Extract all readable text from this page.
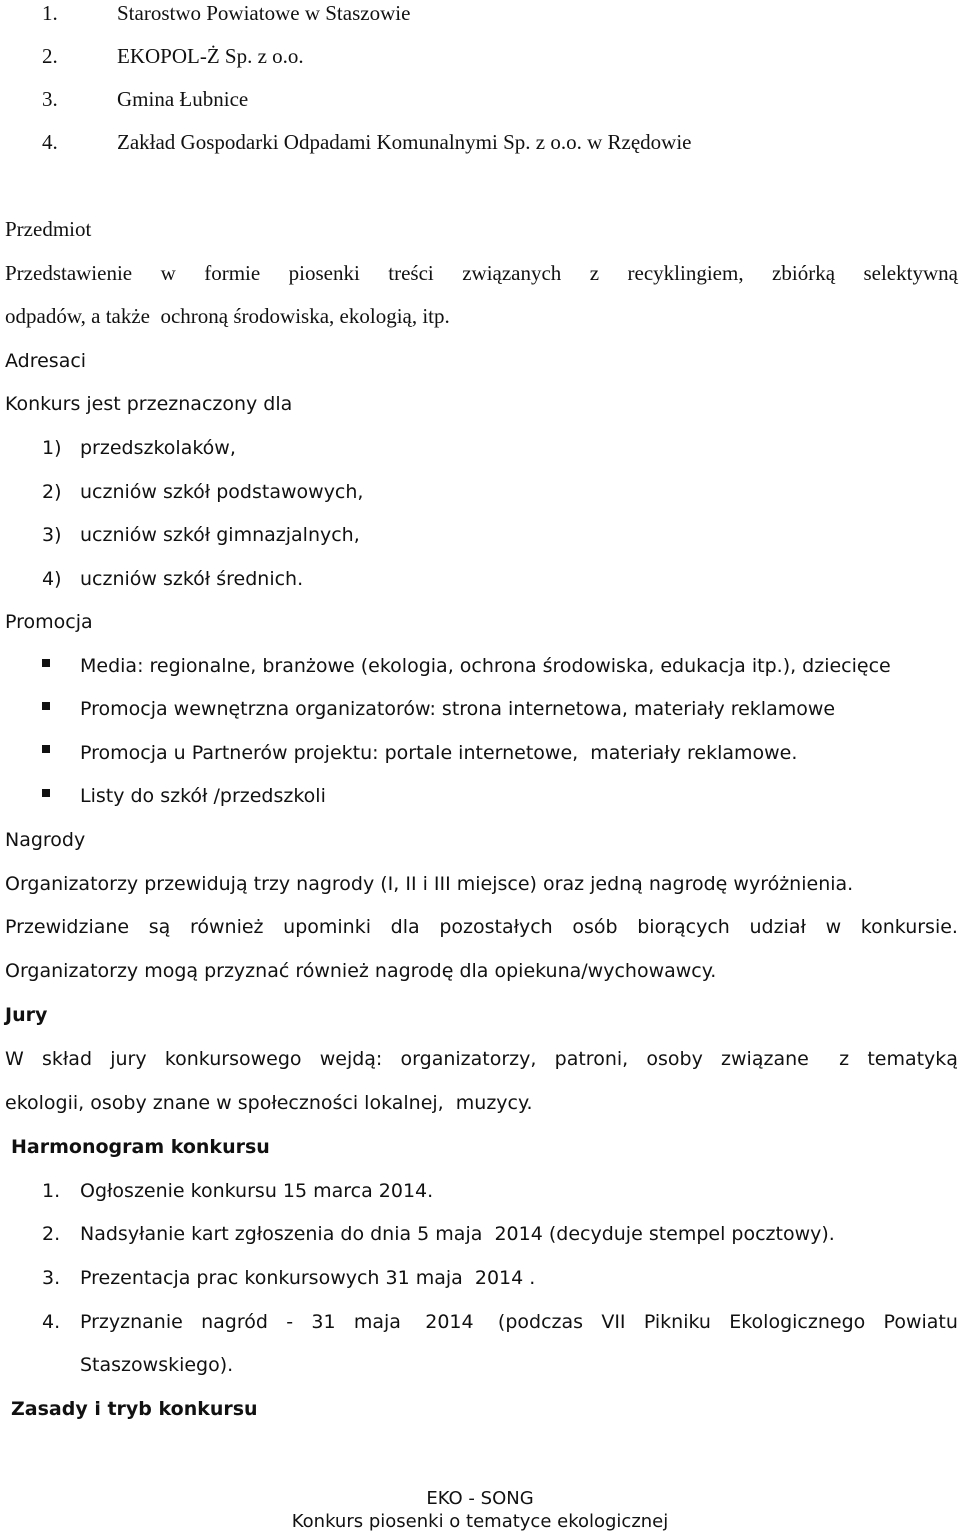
1.	Starostwo Powiatowe w Staszowie
2.	EKOPOL-Ż Sp. z o.o.
3.	Gmina Łubnice
4.	Zakład Gospodarki Odpadami Komunalnymi Sp. z o.o. w Rzędowie
Przedmiot
Przedstawienie w formie piosenki treści związanych z recyklingiem, zbiórką selektywną
odpadów, a także  ochroną środowiska, ekologią, itp.
Adresaci
Konkurs jest przeznaczony dla
1) przedszkolaków,
2) uczniów szkół podstawowych,
3) uczniów szkół gimnazjalnych,
4) uczniów szkół średnich.
Promocja
Media: regionalne, branżowe (ekologia, ochrona środowiska, edukacja itp.), dziecięce
Promocja wewnętrzna organizatorów: strona internetowa, materiały reklamowe
Promocja u Partnerów projektu: portale internetowe,  materiały reklamowe.
Listy do szkół /przedszkoli
Nagrody
Organizatorzy przewidują trzy nagrody (I, II i III miejsce) oraz jedną nagrodę wyróżnienia.
Przewidziane są również upominki dla pozostałych osób biorących udział w konkursie.
Organizatorzy mogą przyznać również nagrodę dla opiekuna/wychowawcy.
Jury
W skład jury konkursowego wejdą: organizatorzy, patroni, osoby związane z tematyką
ekologii, osoby znane w społeczności lokalnej,  muzycy.
Harmonogram konkursu
1. Ogłoszenie konkursu 15 marca 2014.
2. Nadsyłanie kart zgłoszenia do dnia 5 maja  2014 (decyduje stempel pocztowy).
3. Prezentacja prac konkursowych 31 maja  2014 .
4. Przyznanie nagród - 31 maja 2014 (podczas VII Pikniku Ekologicznego Powiatu
Staszowskiego).
Zasady i tryb konkursu
EKO - SONG
Konkurs piosenki o tematyce ekologicznej
